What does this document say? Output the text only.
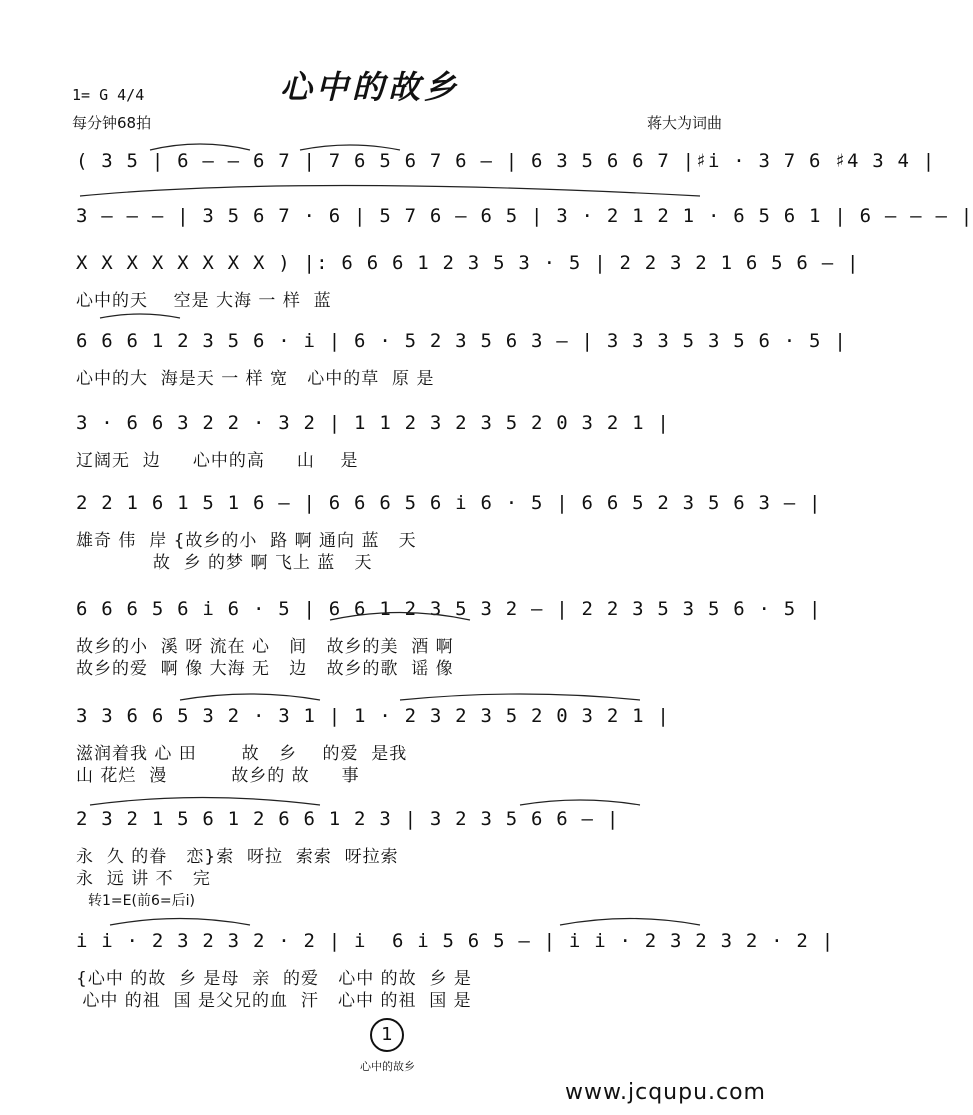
心中的故乡
1= G 4/4
每分钟68拍	蒋大为词曲
( 3 5 | 6 — — 6 7 | 7 6 5 6 7 6 — | 6 3 5 6 6 7 |♯i · 3 7 6 ♯4 3 4 |
3 — — — | 3 5 6 7 · 6 | 5 7 6 — 6 5 | 3 · 2 1 2 1 · 6 5 6 1 | 6 — — — |
X X X X X X X X ) |: 6 6 6 1 2 3 5 3 · 5 | 2 2 3 2 1 6 5 6 — |
心中的天    空是 大海 一 样  蓝
6 6 6 1 2 3 5 6 · i | 6 · 5 2 3 5 6 3 — | 3 3 3 5 3 5 6 · 5 |
心中的大  海是天 一 样 宽   心中的草  原 是
3 · 6 6 3 2 2 · 3 2 | 1 1 2 3 2 3 5 2 0 3 2 1 |
辽阔无  边     心中的高     山    是
2 2 1 6 1 5 1 6 — | 6 6 6 5 6 i 6 · 5 | 6 6 5 2 3 5 6 3 — |
雄奇 伟  岸 {故乡的小  路 啊 通向 蓝   天
故  乡 的梦 啊 飞上 蓝   天
6 6 6 5 6 i 6 · 5 | 6 6 1 2 3 5 3 2 — | 2 2 3 5 3 5 6 · 5 |
故乡的小  溪 呀 流在 心   间   故乡的美  酒 啊
故乡的爱  啊 像 大海 无   边   故乡的歌  谣 像
3 3 6 6 5 3 2 · 3 1 | 1 · 2 3 2 3 5 2 0 3 2 1 |
滋润着我 心 田       故   乡    的爱  是我
山 花烂  漫          故乡的 故     事
2 3 2 1 5 6 1 2 6 6 1 2 3 | 3 2 3 5 6 6 — |
永  久 的眷   恋}索  呀拉  索索  呀拉索
永  远 讲 不   完
i i · 2 3 2 3 2 · 2 | i  6 i 5 6 5 — | i i · 2 3 2 3 2 · 2 |
{心中 的故  乡 是母  亲  的爱   心中 的故  乡 是
心中 的祖  国 是父兄的血  汗   心中 的祖  国 是
转1=E(前6=后i)
1
心中的故乡
www.jcqupu.com
